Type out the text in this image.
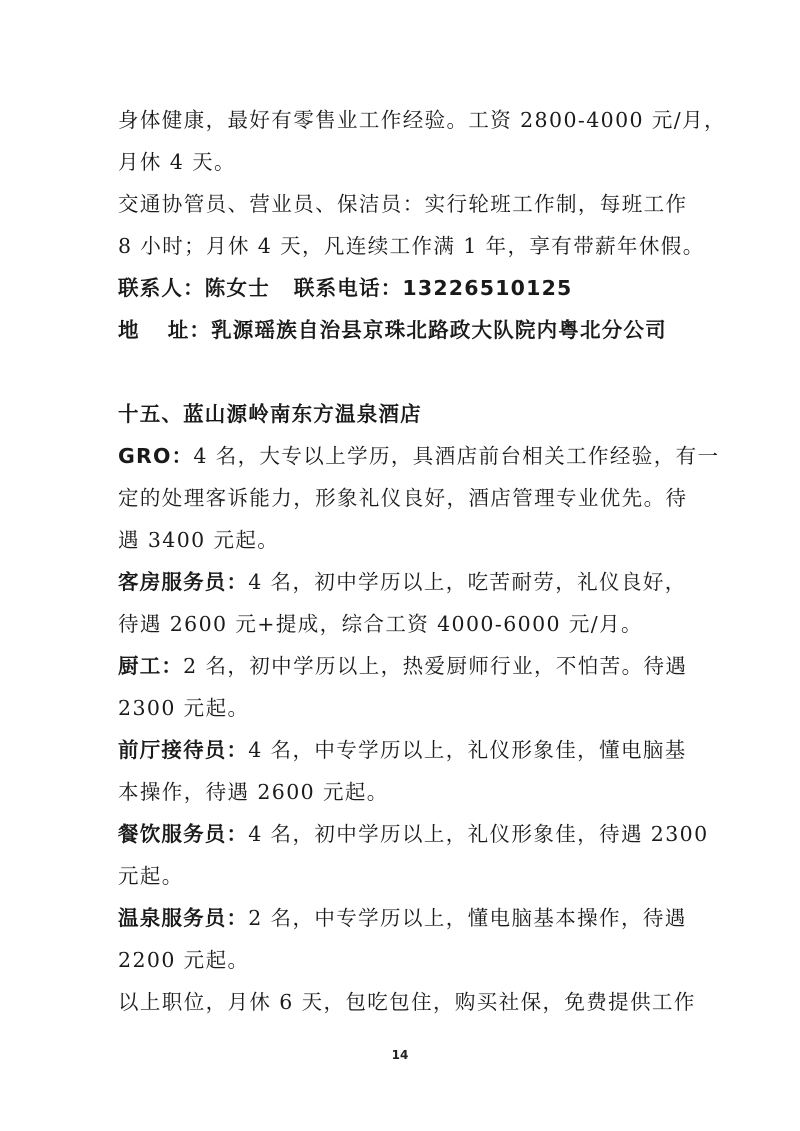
身体健康，最好有零售业工作经验。工资 2800-4000 元/月，
月休 4 天。
交通协管员、营业员、保洁员：实行轮班工作制，每班工作
8 小时；月休 4 天，凡连续工作满 1 年，享有带薪年休假。
联系人：陈女士 联系电话：13226510125
地 址：乳源瑶族自治县京珠北路政大队院内粤北分公司
十五、蓝山源岭南东方温泉酒店
GRO：4 名，大专以上学历，具酒店前台相关工作经验，有一
定的处理客诉能力，形象礼仪良好，酒店管理专业优先。待
遇 3400 元起。
客房服务员：4 名，初中学历以上，吃苦耐劳，礼仪良好，
待遇 2600 元+提成，综合工资 4000-6000 元/月。
厨工：2 名，初中学历以上，热爱厨师行业，不怕苦。待遇
2300 元起。
前厅接待员：4 名，中专学历以上，礼仪形象佳，懂电脑基
本操作，待遇 2600 元起。
餐饮服务员：4 名，初中学历以上，礼仪形象佳，待遇 2300
元起。
温泉服务员：2 名，中专学历以上，懂电脑基本操作，待遇
2200 元起。
以上职位，月休 6 天，包吃包住，购买社保，免费提供工作
14
